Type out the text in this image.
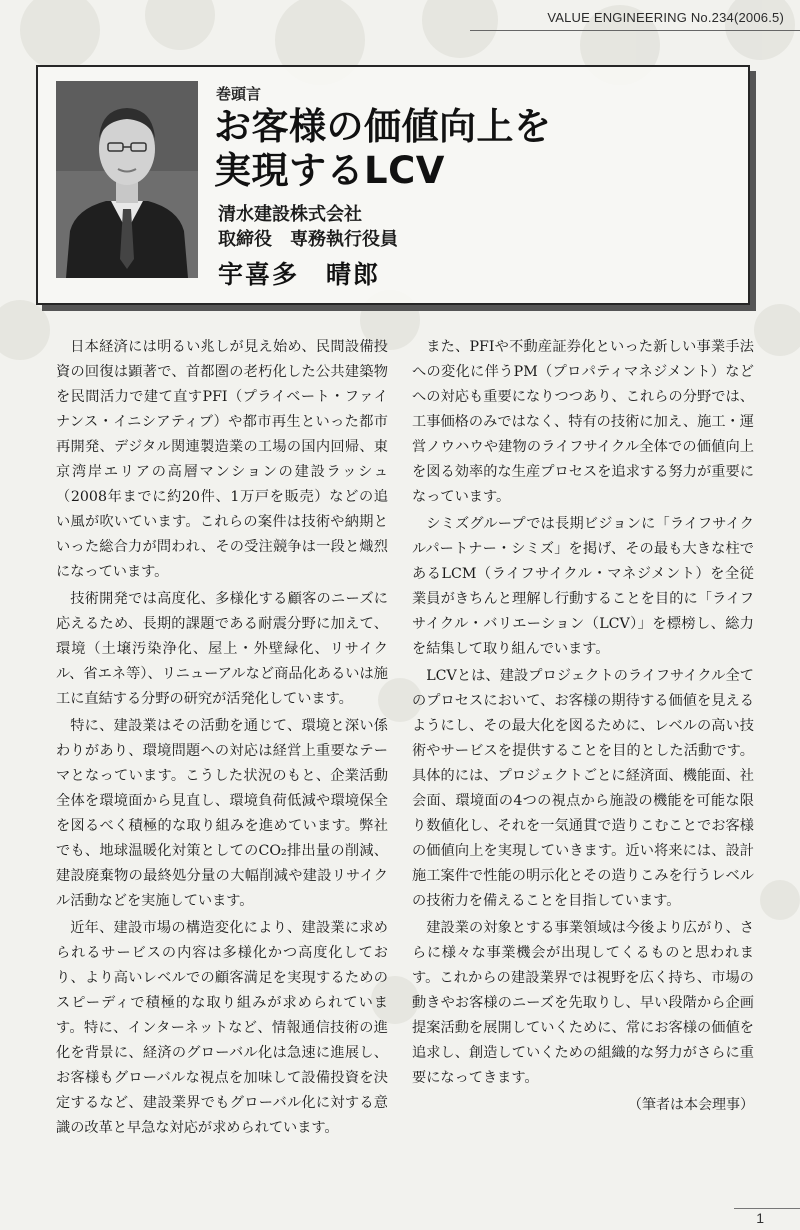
VALUE ENGINEERING No.234(2006.5)
巻頭言
お客様の価値向上を
実現するLCV
清水建設株式会社
取締役　専務執行役員
宇喜多　晴郎

日本経済には明るい兆しが見え始め、民間設備投資の回復は顕著で、首都圏の老朽化した公共建築物を民間活力で建て直すPFI（プライベート・ファイナンス・イニシアティブ）や都市再生といった都市再開発、デジタル関連製造業の工場の国内回帰、東京湾岸エリアの高層マンションの建設ラッシュ（2008年までに約20件、1万戸を販売）などの追い風が吹いています。これらの案件は技術や納期といった総合力が問われ、その受注競争は一段と熾烈になっています。

技術開発では高度化、多様化する顧客のニーズに応えるため、長期的課題である耐震分野に加えて、環境（土壌汚染浄化、屋上・外壁緑化、リサイクル、省エネ等）、リニューアルなど商品化あるいは施工に直結する分野の研究が活発化しています。

特に、建設業はその活動を通じて、環境と深い係わりがあり、環境問題への対応は経営上重要なテーマとなっています。こうした状況のもと、企業活動全体を環境面から見直し、環境負荷低減や環境保全を図るべく積極的な取り組みを進めています。弊社でも、地球温暖化対策としてのCO₂排出量の削減、建設廃棄物の最終処分量の大幅削減や建設リサイクル活動などを実施しています。

近年、建設市場の構造変化により、建設業に求められるサービスの内容は多様化かつ高度化しており、より高いレベルでの顧客満足を実現するためのスピーディで積極的な取り組みが求められています。特に、インターネットなど、情報通信技術の進化を背景に、経済のグローバル化は急速に進展し、お客様もグローバルな視点を加味して設備投資を決定するなど、建設業界でもグローバル化に対する意識の改革と早急な対応が求められています。

また、PFIや不動産証券化といった新しい事業手法への変化に伴うPM（プロパティマネジメント）などへの対応も重要になりつつあり、これらの分野では、工事価格のみではなく、特有の技術に加え、施工・運営ノウハウや建物のライフサイクル全体での価値向上を図る効率的な生産プロセスを追求する努力が重要になっています。

シミズグループでは長期ビジョンに「ライフサイクルパートナー・シミズ」を掲げ、その最も大きな柱であるLCM（ライフサイクル・マネジメント）を全従業員がきちんと理解し行動することを目的に「ライフサイクル・バリエーション（LCV）」を標榜し、総力を結集して取り組んでいます。

LCVとは、建設プロジェクトのライフサイクル全てのプロセスにおいて、お客様の期待する価値を見えるようにし、その最大化を図るために、レベルの高い技術やサービスを提供することを目的とした活動です。具体的には、プロジェクトごとに経済面、機能面、社会面、環境面の4つの視点から施設の機能を可能な限り数値化し、それを一気通貫で造りこむことでお客様の価値向上を実現していきます。近い将来には、設計施工案件で性能の明示化とその造りこみを行うレベルの技術力を備えることを目指しています。

建設業の対象とする事業領域は今後より広がり、さらに様々な事業機会が出現してくるものと思われます。これからの建設業界では視野を広く持ち、市場の動きやお客様のニーズを先取りし、早い段階から企画提案活動を展開していくために、常にお客様の価値を追求し、創造していくための組織的な努力がさらに重要になってきます。

（筆者は本会理事）
1
